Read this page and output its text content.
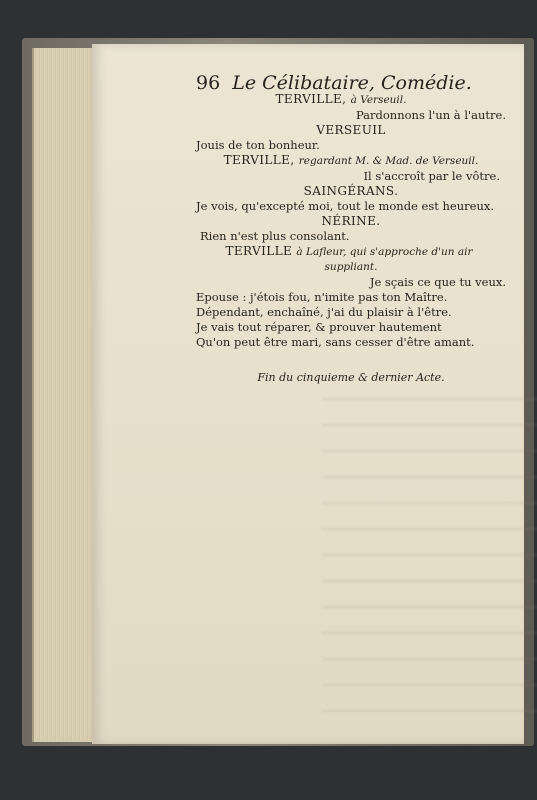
96 Le Célibataire, Comédie.
TERVILLE, à Verseuil.
Pardonnons l'un à l'autre.
VERSEUIL
Jouis de ton bonheur.
TERVILLE, regardant M. & Mad. de Verseuil.
Il s'accroît par le vôtre.
SAINGÉRANS.
Je vois, qu'excepté moi, tout le monde est heureux.
NÉRINE.
Rien n'est plus consolant.
TERVILLE à Lafleur, qui s'approche d'un air
suppliant.
Je sçais ce que tu veux.
Epouse : j'étois fou, n'imite pas ton Maître.
Dépendant, enchaîné, j'ai du plaisir à l'être.
Je vais tout réparer, & prouver hautement
Qu'on peut être mari, sans cesser d'être amant.
Fin du cinquieme & dernier Acte.
